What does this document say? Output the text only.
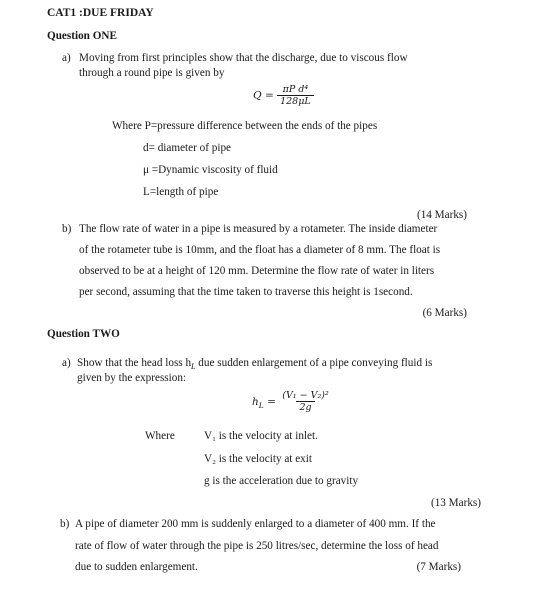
CAT1 :DUE FRIDAY
Question ONE
a) Moving from first principles show that the discharge, due to viscous flow
through a round pipe is given by
$Q = \frac{\text{πP d⁴}}{128\mu L}$
Where P=pressure difference between the ends of the pipes
d= diameter of pipe
μ =Dynamic viscosity of fluid
L=length of pipe
(14 Marks)
b) The flow rate of water in a pipe is measured by a rotameter. The inside diameter
of the rotameter tube is 10mm, and the float has a diameter of 8 mm. The float is
observed to be at a height of 120 mm. Determine the flow rate of water in liters
per second, assuming that the time taken to traverse this height is 1second.
(6 Marks)
Question TWO
a) Show that the head loss $h_L$ due sudden enlargement of a pipe conveying fluid is
given by the expression:
$h_L = \frac{\text{(V₁ − V₂)²}}{2g}$
Where	V₁ is the velocity at inlet.
V₂ is the velocity at exit
g is the acceleration due to gravity
(13 Marks)
b) A pipe of diameter 200 mm is suddenly enlarged to a diameter of 400 mm. If the
rate of flow of water through the pipe is 250 litres/sec, determine the loss of head
due to sudden enlargement.	(7 Marks)
